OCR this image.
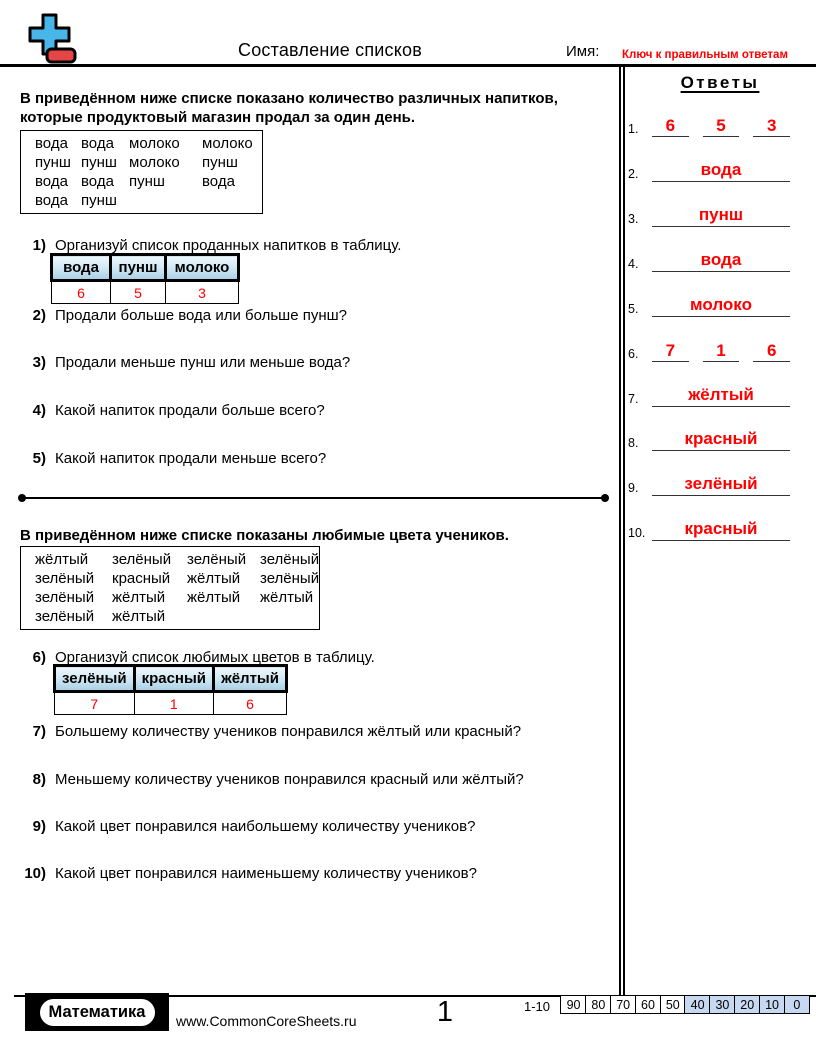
Составление списков	Имя: Ключ к правильным ответам
В приведённом ниже списке показано количество различных напитков, которые продуктовый магазин продал за один день.
вода вода	молоко	молоко
пунш пунш молоко	пунш
вода вода	пунш	вода
вода пунш
1) Организуй список проданных напитков в таблицу.
вода	пунш	молоко
6	5	3
2) Продали больше вода или больше пунш?
3) Продали меньше пунш или меньше вода?
4) Какой напиток продали больше всего?
5) Какой напиток продали меньше всего?
В приведённом ниже списке показаны любимые цвета учеников.
жёлтый	зелёный	зелёный зелёный
зелёный	красный	жёлтый	зелёный
зелёный	жёлтый	жёлтый	жёлтый
зелёный	жёлтый
6) Организуй список любимых цветов в таблицу.
зелёный	красный	жёлтый
7	1	6
7) Большему количеству учеников понравился жёлтый или красный?
8) Меньшему количеству учеников понравился красный или жёлтый?
9) Какой цвет понравился наибольшему количеству учеников?
10) Какой цвет понравился наименьшему количеству учеников?
Ответы
1.	6	5	3
2.	вода
3.	пунш
4.	вода
5.	молоко
6.	7	1	6
7.	жёлтый
8.	красный
9.	зелёный
10.	красный
Математика
www.CommonCoreSheets.ru	1	1-10	90 80 70 60 50 40 30 20 10	0
